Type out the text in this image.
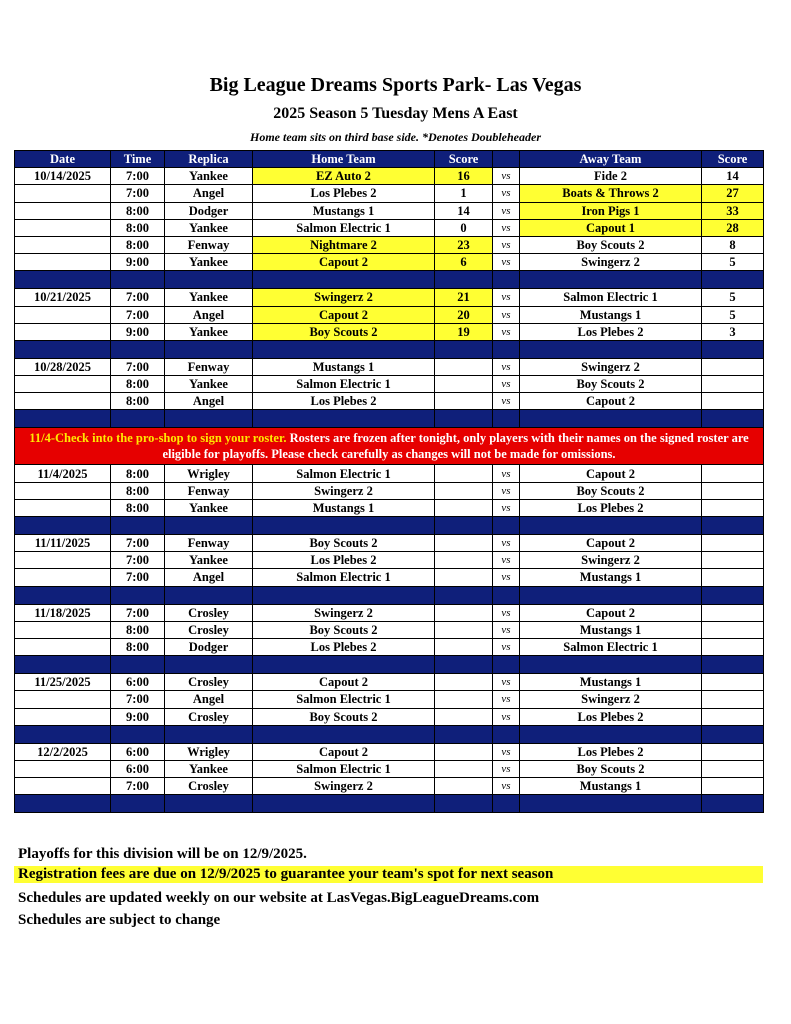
Big League Dreams Sports Park- Las Vegas
2025 Season 5 Tuesday Mens A East
Home team sits on third base side. *Denotes Doubleheader
Date	Time	Replica	Home Team	Score		Away Team	Score
10/14/2025	7:00	Yankee	EZ Auto 2	16	vs	Fide 2	14
	7:00	Angel	Los Plebes 2	1	vs	Boats & Throws 2	27
	8:00	Dodger	Mustangs 1	14	vs	Iron Pigs 1	33
	8:00	Yankee	Salmon Electric 1	0	vs	Capout 1	28
	8:00	Fenway	Nightmare 2	23	vs	Boy Scouts 2	8
	9:00	Yankee	Capout 2	6	vs	Swingerz 2	5

10/21/2025	7:00	Yankee	Swingerz 2	21	vs	Salmon Electric 1	5
	7:00	Angel	Capout 2	20	vs	Mustangs 1	5
	9:00	Yankee	Boy Scouts 2	19	vs	Los Plebes 2	3

10/28/2025	7:00	Fenway	Mustangs 1		vs	Swingerz 2	
	8:00	Yankee	Salmon Electric 1		vs	Boy Scouts 2	
	8:00	Angel	Los Plebes 2		vs	Capout 2	

11/4-Check into the pro-shop to sign your roster. Rosters are frozen after tonight, only players with their names on the signed roster are eligible for playoffs. Please check carefully as changes will not be made for omissions.							
11/4/2025	8:00	Wrigley	Salmon Electric 1		vs	Capout 2	
	8:00	Fenway	Swingerz 2		vs	Boy Scouts 2	
	8:00	Yankee	Mustangs 1		vs	Los Plebes 2	

11/11/2025	7:00	Fenway	Boy Scouts 2		vs	Capout 2	
	7:00	Yankee	Los Plebes 2		vs	Swingerz 2	
	7:00	Angel	Salmon Electric 1		vs	Mustangs 1	

11/18/2025	7:00	Crosley	Swingerz 2		vs	Capout 2	
	8:00	Crosley	Boy Scouts 2		vs	Mustangs 1	
	8:00	Dodger	Los Plebes 2		vs	Salmon Electric 1	

11/25/2025	6:00	Crosley	Capout 2		vs	Mustangs 1	
	7:00	Angel	Salmon Electric 1		vs	Swingerz 2	
	9:00	Crosley	Boy Scouts 2		vs	Los Plebes 2	

12/2/2025	6:00	Wrigley	Capout 2		vs	Los Plebes 2	
	6:00	Yankee	Salmon Electric 1		vs	Boy Scouts 2	
	7:00	Crosley	Swingerz 2		vs	Mustangs 1	

Playoffs for this division will be on 12/9/2025.
Registration fees are due on 12/9/2025 to guarantee your team's spot for next season
Schedules are updated weekly on our website at LasVegas.BigLeagueDreams.com
Schedules are subject to change
